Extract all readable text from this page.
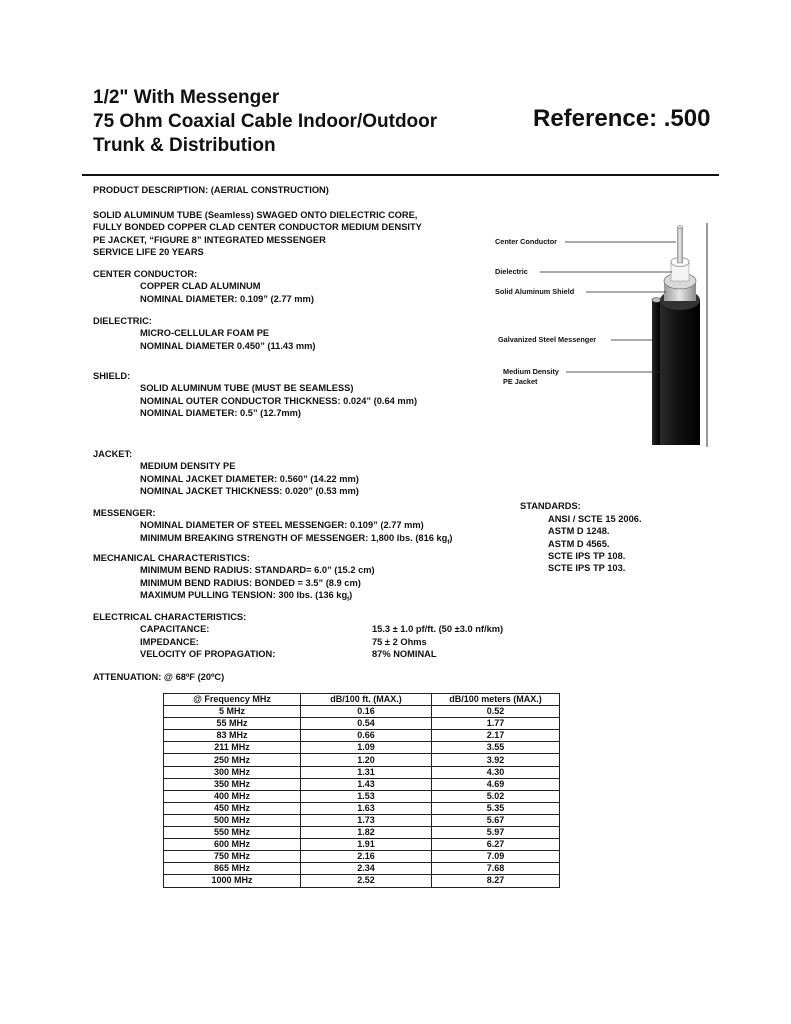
1/2" With Messenger
75 Ohm Coaxial Cable Indoor/Outdoor
Trunk & Distribution
Reference: .500
PRODUCT DESCRIPTION: (AERIAL CONSTRUCTION)
SOLID ALUMINUM TUBE (Seamless) SWAGED ONTO DIELECTRIC CORE,
FULLY BONDED COPPER CLAD CENTER CONDUCTOR MEDIUM DENSITY
PE JACKET, “FIGURE 8” INTEGRATED MESSENGER
SERVICE LIFE 20 YEARS
CENTER CONDUCTOR:
COPPER CLAD ALUMINUM
NOMINAL DIAMETER: 0.109” (2.77 mm)
DIELECTRIC:
MICRO-CELLULAR FOAM PE
NOMINAL DIAMETER 0.450” (11.43 mm)
SHIELD:
SOLID ALUMINUM TUBE (MUST BE SEAMLESS)
NOMINAL OUTER CONDUCTOR THICKNESS: 0.024” (0.64 mm)
NOMINAL DIAMETER: 0.5” (12.7mm)
JACKET:
MEDIUM DENSITY PE
NOMINAL JACKET DIAMETER: 0.560” (14.22 mm)
NOMINAL JACKET THICKNESS: 0.020” (0.53 mm)
MESSENGER:
NOMINAL DIAMETER OF STEEL MESSENGER: 0.109” (2.77 mm)
MINIMUM BREAKING STRENGTH OF MESSENGER: 1,800 lbs. (816 $kg_f$)
MECHANICAL CHARACTERISTICS:
MINIMUM BEND RADIUS: STANDARD= 6.0” (15.2 cm)
MINIMUM BEND RADIUS: BONDED = 3.5” (8.9 cm)
MAXIMUM PULLING TENSION: 300 lbs. (136 $kg_f$)
ELECTRICAL CHARACTERISTICS:
CAPACITANCE:	15.3 ± 1.0 pf/ft. (50 ±3.0 nf/km)
IMPEDANCE:	75 ± 2 Ohms
VELOCITY OF PROPAGATION:	87% NOMINAL
ATTENUATION: @ 68ºF (20ºC)
@ Frequency MHz	dB/100 ft. (MAX.)	dB/100 meters (MAX.)
5 MHz	0.16	0.52
55 MHz	0.54	1.77
83 MHz	0.66	2.17
211 MHz	1.09	3.55
250 MHz	1.20	3.92
300 MHz	1.31	4.30
350 MHz	1.43	4.69
400 MHz	1.53	5.02
450 MHz	1.63	5.35
500 MHz	1.73	5.67
550 MHz	1.82	5.97
600 MHz	1.91	6.27
750 MHz	2.16	7.09
865 MHz	2.34	7.68
1000 MHz	2.52	8.27
STANDARDS:
ANSI / SCTE 15 2006.
ASTM D 1248.
ASTM D 4565.
SCTE IPS TP 108.
SCTE IPS TP 103.
Center Conductor
Dielectric
Solid Aluminum Shield
Galvanized Steel Messenger
Medium Density
PE Jacket
